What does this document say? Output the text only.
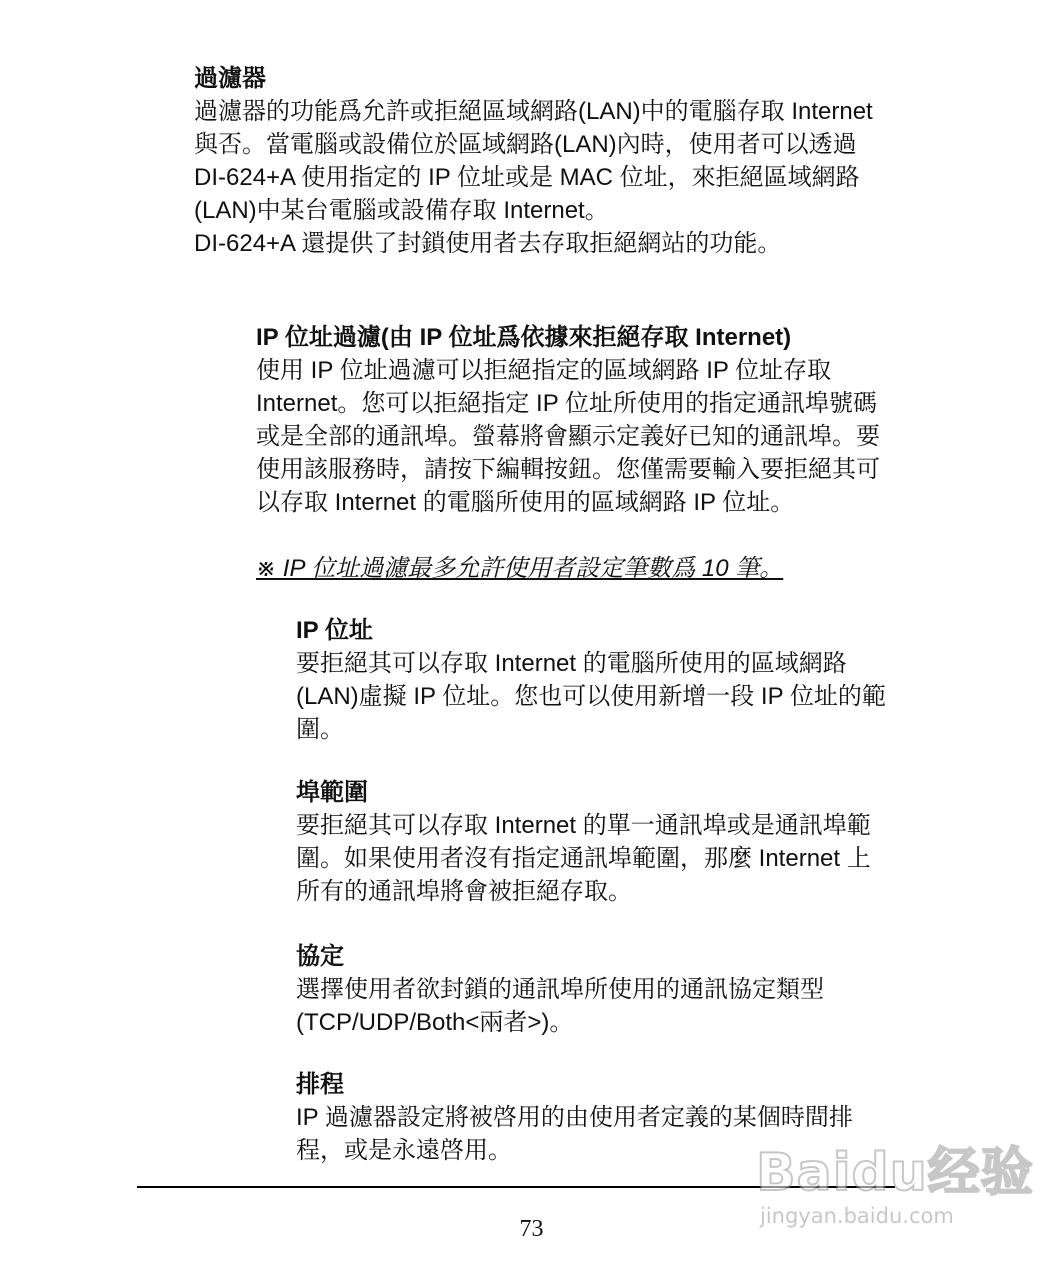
過濾器
過濾器的功能爲允許或拒絕區域網路(LAN)中的電腦存取 Internet
與否。當電腦或設備位於區域網路(LAN)內時，使用者可以透過
DI-624+A 使用指定的 IP 位址或是 MAC 位址，來拒絕區域網路
(LAN)中某台電腦或設備存取 Internet。
DI-624+A 還提供了封鎖使用者去存取拒絕網站的功能。
IP 位址過濾(由 IP 位址爲依據來拒絕存取 Internet)
使用 IP 位址過濾可以拒絕指定的區域網路 IP 位址存取
Internet。您可以拒絕指定 IP 位址所使用的指定通訊埠號碼
或是全部的通訊埠。螢幕將會顯示定義好已知的通訊埠。要
使用該服務時，請按下編輯按鈕。您僅需要輸入要拒絕其可
以存取 Internet 的電腦所使用的區域網路 IP 位址。
※ IP 位址過濾最多允許使用者設定筆數爲 10 筆。
IP 位址
要拒絕其可以存取 Internet 的電腦所使用的區域網路
(LAN)虛擬 IP 位址。您也可以使用新增一段 IP 位址的範
圍。
埠範圍
要拒絕其可以存取 Internet 的單一通訊埠或是通訊埠範
圍。如果使用者沒有指定通訊埠範圍，那麼 Internet 上
所有的通訊埠將會被拒絕存取。
協定
選擇使用者欲封鎖的通訊埠所使用的通訊協定類型
(TCP/UDP/Both<兩者>)。
排程
IP 過濾器設定將被啓用的由使用者定義的某個時間排
程，或是永遠啓用。
73
Baidu经验
jingyan.baidu.com
